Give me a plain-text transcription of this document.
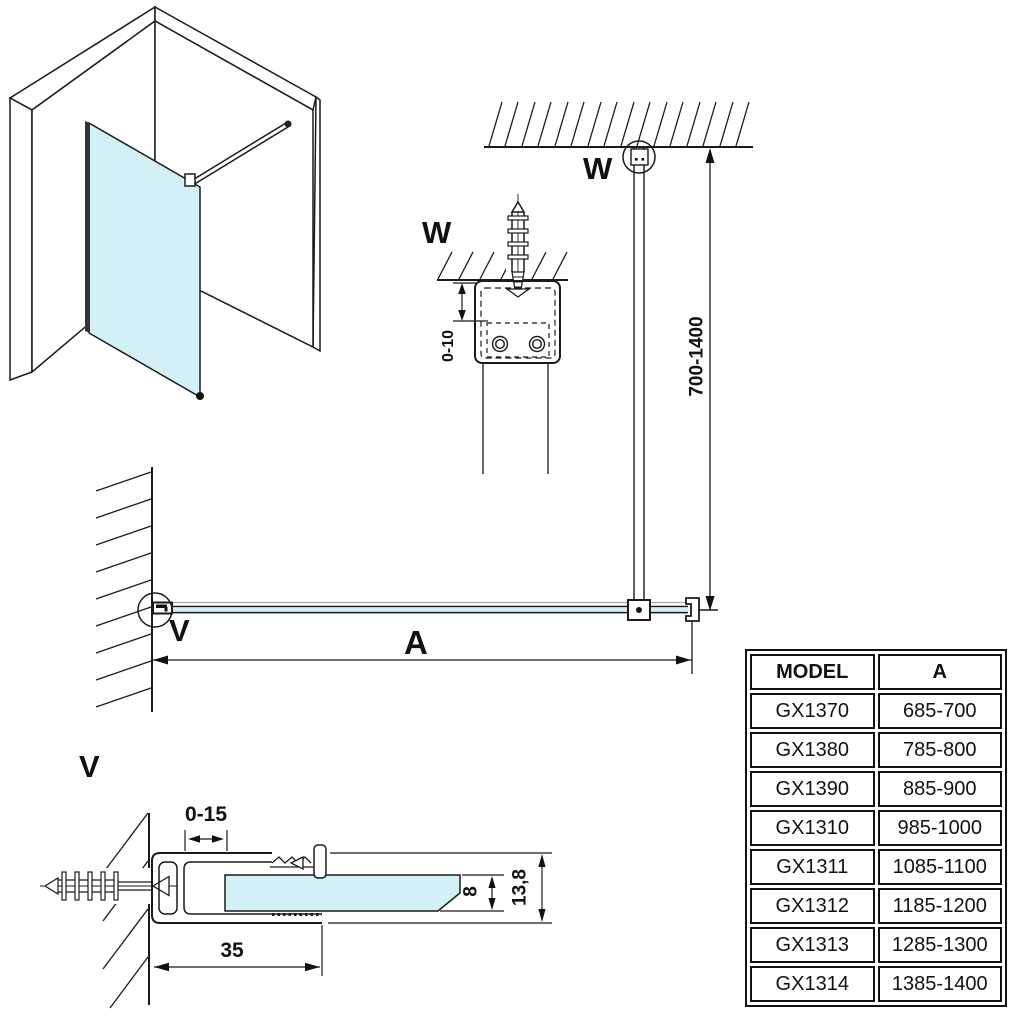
W
W
V
V
A
700-1400
0-10
0-15
35
8 13,8
MODEL	A
GX1370	685-700
GX1380	785-800
GX1390	885-900
GX1310	985-1000
GX1311	1085-1100
GX1312	1185-1200
GX1313	1285-1300
GX1314	1385-1400
